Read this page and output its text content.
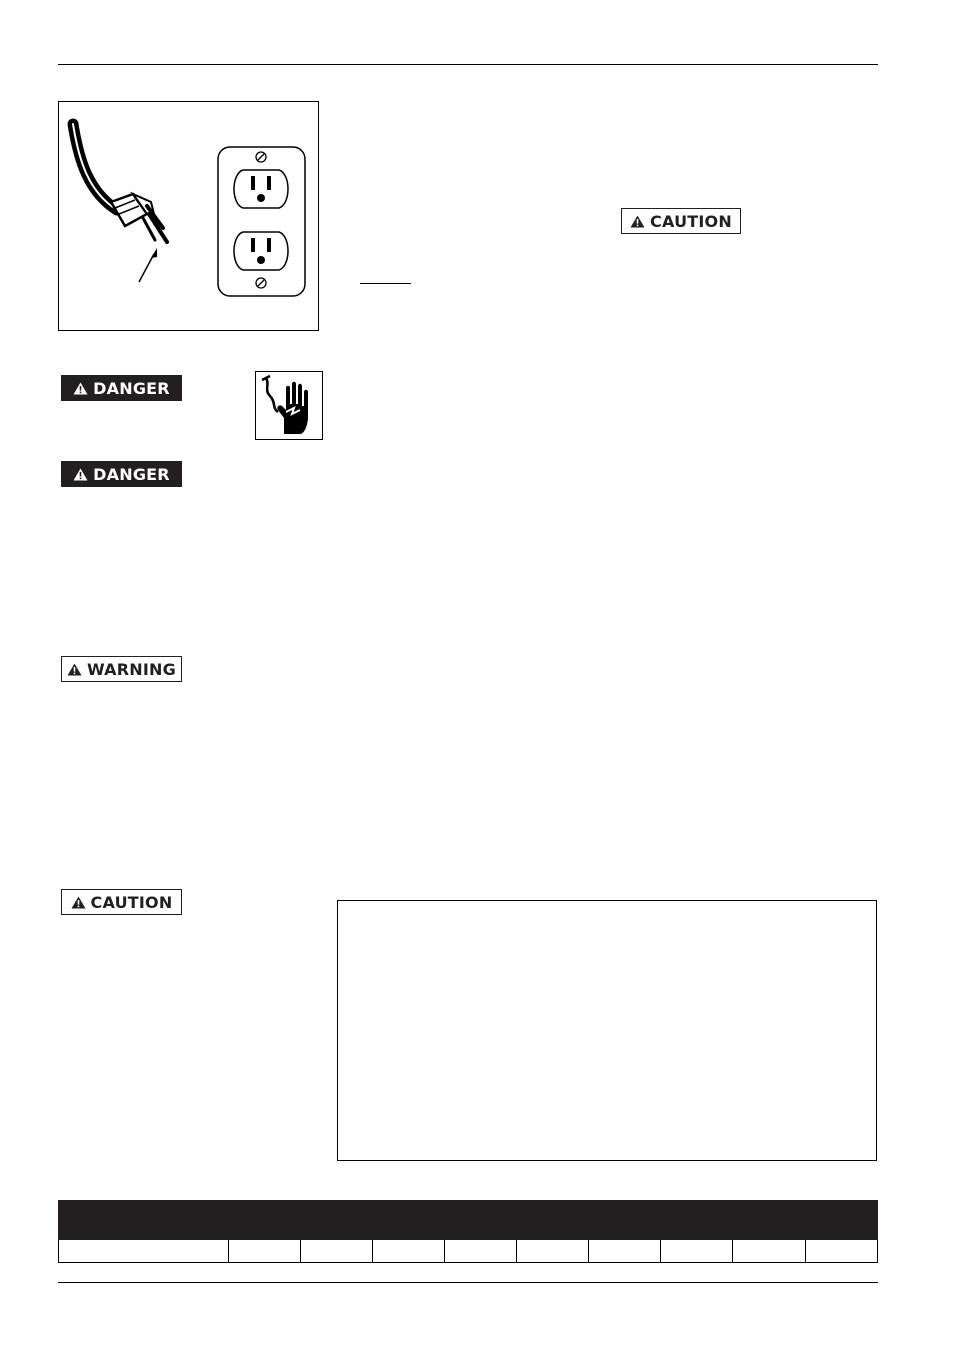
CAUTION
DANGER
DANGER
WARNING
CAUTION
